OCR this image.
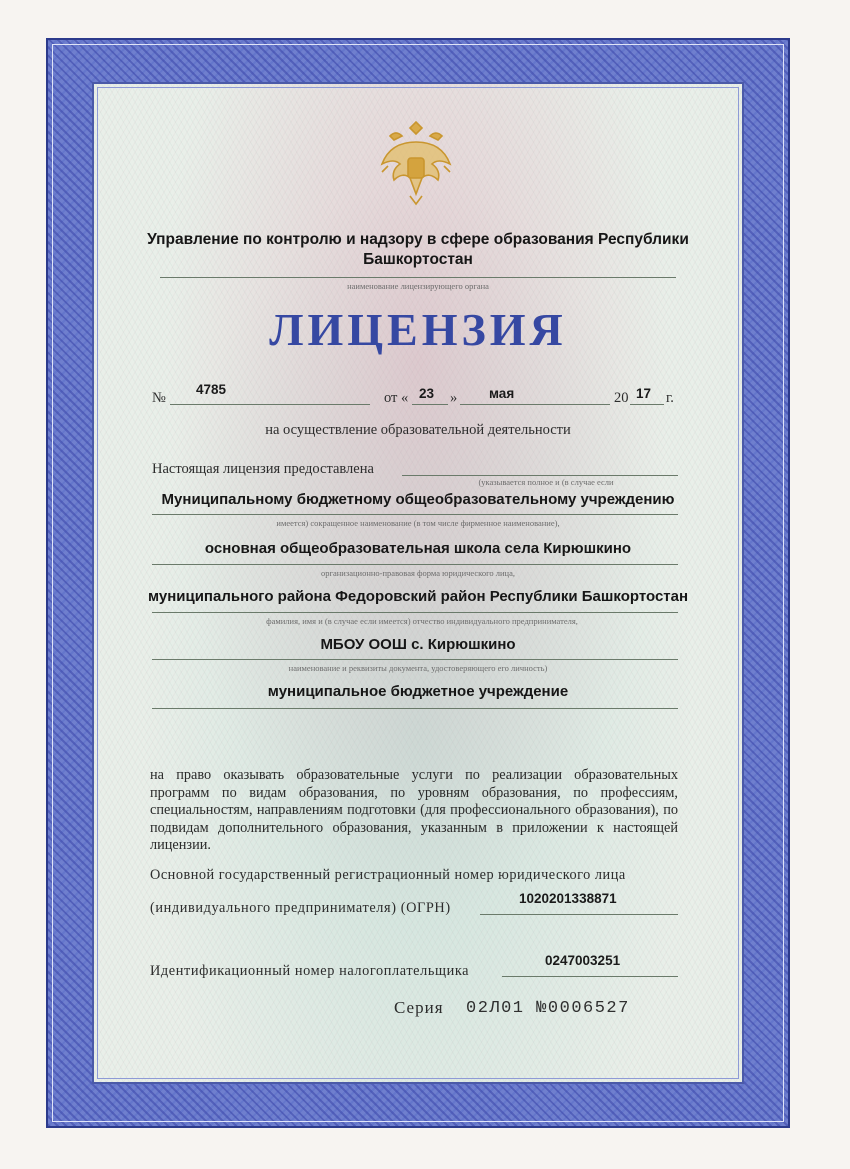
Управление по контролю и надзору в сфере образования Республики Башкортостан
наименование лицензирующего органа
ЛИЦЕНЗИЯ
№
4785
от « 23 » мая	20 17 г.
на осуществление образовательной деятельности
Настоящая лицензия предоставлена
(указывается полное и (в случае если
Муниципальному бюджетному общеобразовательному учреждению
имеется) сокращенное наименование (в том числе фирменное наименование),
основная общеобразовательная школа села Кирюшкино
организационно-правовая форма юридического лица,
муниципального района Федоровский район Республики Башкортостан
фамилия, имя и (в случае если имеется) отчество индивидуального предпринимателя,
МБОУ ООШ с. Кирюшкино
наименование и реквизиты документа, удостоверяющего его личность)
муниципальное бюджетное учреждение
на право оказывать образовательные услуги по реализации образовательных программ по видам образования, по уровням образования, по профессиям, специальностям, направлениям подготовки (для профессионального образования), по подвидам дополнительного образования, указанным в приложении к настоящей лицензии.
Основной государственный регистрационный номер юридического лица
(индивидуального предпринимателя) (ОГРН)
1020201338871
Идентификационный номер налогоплательщика
0247003251
Серия 02Л01 №0006527
